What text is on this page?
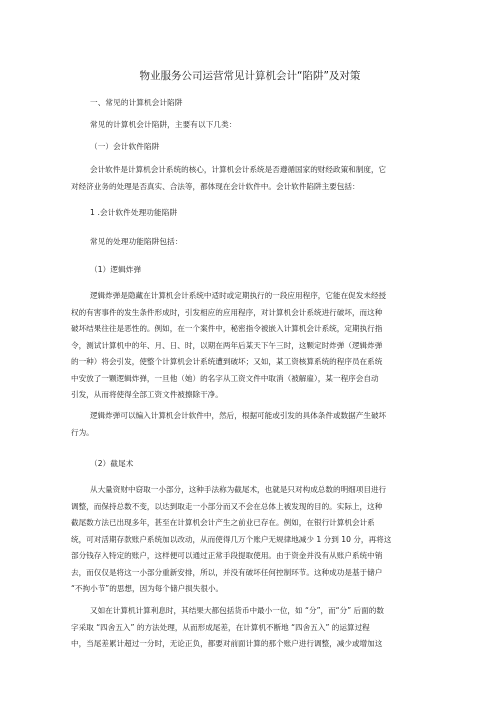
物业服务公司运营常见计算机会计“陷阱”及对策

一、常见的计算机会计陷阱

常见的计算机会计陷阱，主要有以下几类：

（一）会计软件陷阱

会计软件是计算机会计系统的核心，计算机会计系统是否遵循国家的财经政策和制度，它
对经济业务的处理是否真实、合法等，都体现在会计软件中。会计软件陷阱主要包括：

1 .会计软件处理功能陷阱

常见的处理功能陷阱包括：

（1）逻辑炸弹

逻辑炸弹是隐藏在计算机会计系统中适时或定期执行的一段应用程序，它能在促发未经授
权的有害事件的发生条件形成时，引发相应的应用程序，对计算机会计系统进行破坏，而这种
破坏结果往往是恶性的。例如，在一个案件中，秘密指令被嵌入计算机会计系统，定期执行指
令，测试计算机中的年、月、日、时，以期在两年后某天下午三时，这颗定时炸弹（逻辑炸弹
的一种）将会引发，使整个计算机会计系统遭到破坏；又如，某工资核算系统的程序员在系统
中安放了一颗逻辑炸弹，一旦他（她）的名字从工资文件中取消（被解雇），某一程序会自动
引发，从而将使得全部工资文件被擦除干净。
逻辑炸弹可以编入计算机会计软件中，然后，根据可能或引发的具体条件或数据产生破坏
行为。

（2）截尾术

从大量资财中窃取一小部分，这种手法称为截尾术，也就是只对构成总数的明细项目进行
调整，而保持总数不变，以达到取走一小部分而又不会在总体上被发现的目的。实际上，这种
截尾数方法已出现多年，甚至在计算机会计产生之前业已存在。例如，在银行计算机会计系
统，可对活期存款账户系统加以改动，从而使得几万个账户无规律地减少 1 分到 10 分，再将这
部分钱存入特定的账户，这样便可以通过正常手段提取使用。由于资金并没有从账户系统中销
去，而仅仅是将这一小部分重新安排，所以，并没有破坏任何控制环节。这种成功是基于储户
“不拘小节”的思想，因为每个储户损失很小。
又如在计算机计算利息时，其结果大都包括货币中最小一位，如 “分”，而“分” 后面的数
字采取 “四舍五入” 的方法处理，从而形成尾差，在计算机不断地 “四舍五入” 的运算过程
中，当尾差累计超过一分时，无论正负，都要对前面计算的那个账户进行调整，减少或增加这
